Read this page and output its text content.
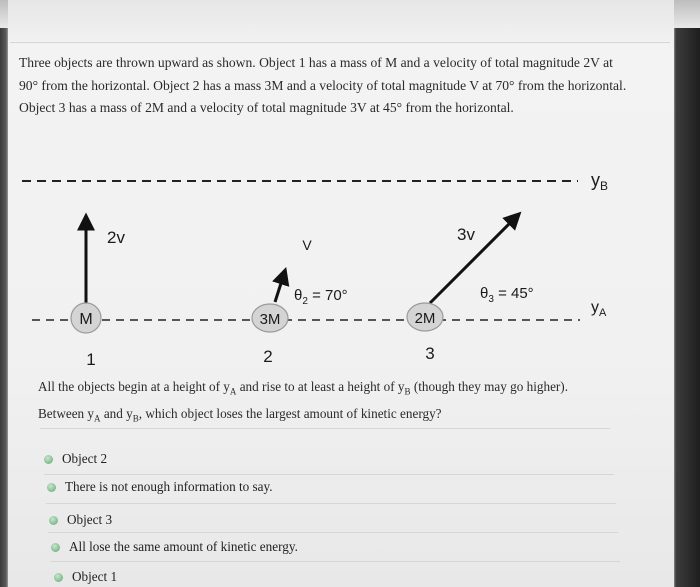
Three objects are thrown upward as shown. Object 1 has a mass of M and a velocity of total magnitude 2V at 90° from the horizontal. Object 2 has a mass 3M and a velocity of total magnitude V at 70° from the horizontal. Object 3 has a mass of 2M and a velocity of total magnitude 3V at 45° from the horizontal.
$y_B$
$y_A$
2v
M
1
V
$\theta_2 = 70^\circ$
3M
2
3v
$\theta_3 = 45^\circ$
2M
3
All the objects begin at a height of $y_A$ and rise to at least a height of $y_B$ (though they may go higher).
Between $y_A$ and $y_B$, which object loses the largest amount of kinetic energy?
Object 2
There is not enough information to say.
Object 3
All lose the same amount of kinetic energy.
Object 1
